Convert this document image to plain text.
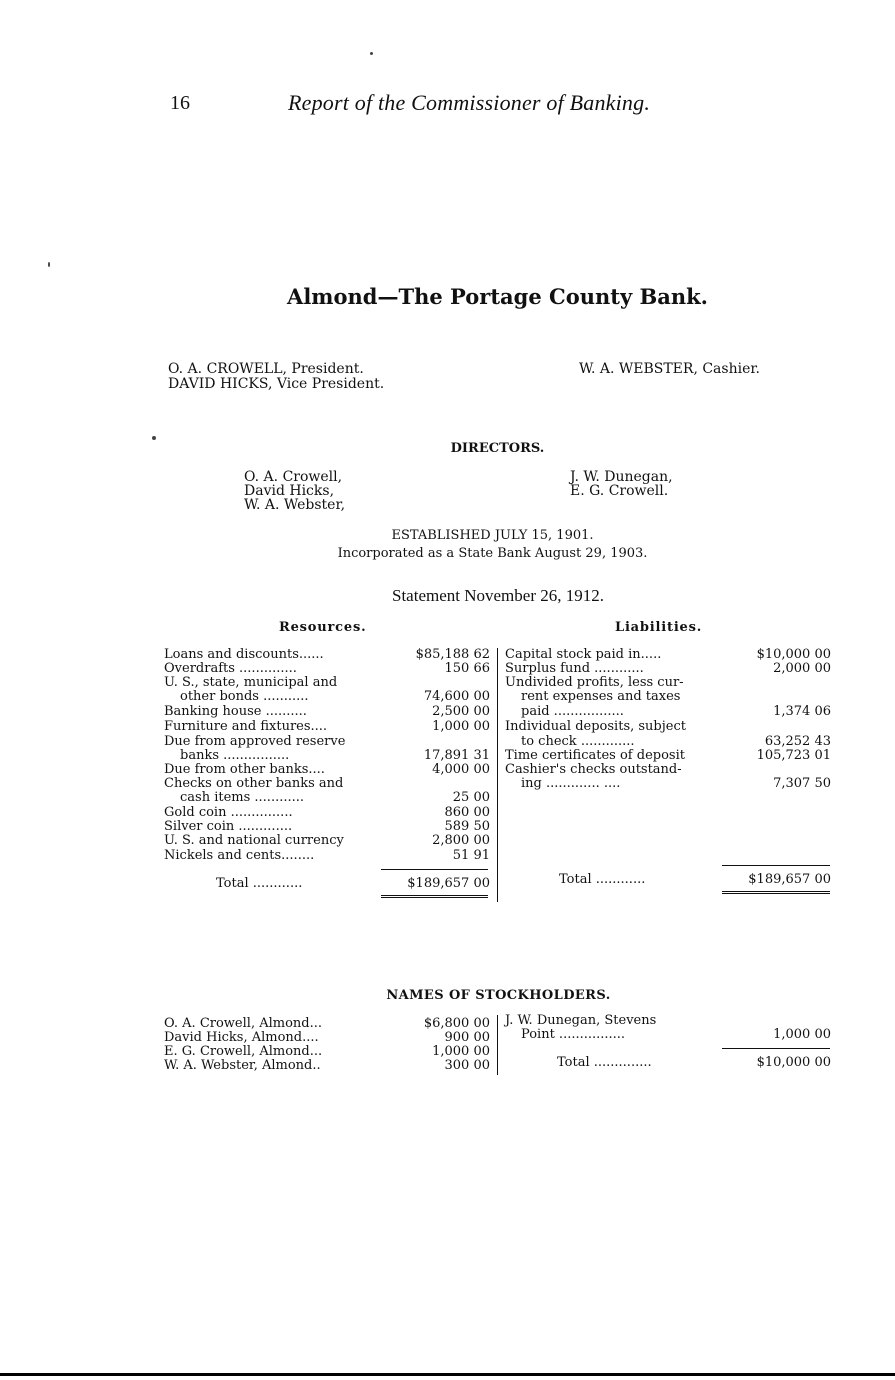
16	Report of the Commissioner of Banking.
Almond—The Portage County Bank.
O. A. CROWELL, President.
DAVID HICKS, Vice President.
W. A. WEBSTER, Cashier.
DIRECTORS.
O. A. Crowell,
David Hicks,
W. A. Webster,
J. W. Dunegan,
E. G. Crowell.
ESTABLISHED JULY 15, 1901.
Incorporated as a State Bank August 29, 1903.
Statement November 26, 1912.
Resources.	Liabilities.
Loans and discounts......	$85,188 62
Overdrafts ..............	150 66
U. S., state, municipal and
other bonds ...........	74,600 00
Banking house ..........	2,500 00
Furniture and fixtures....	1,000 00
Due from approved reserve
banks ................	17,891 31
Due from other banks....	4,000 00
Checks on other banks and
cash items ............	25 00
Gold coin ...............	860 00
Silver coin .............	589 50
U. S. and national currency	2,800 00
Nickels and cents........	51 91
Total ............	$189,657 00
Capital stock paid in.....	$10,000 00
Surplus fund ............	2,000 00
Undivided profits, less cur-
rent expenses and taxes
paid .................	1,374 06
Individual deposits, subject
to check .............	63,252 43
Time certificates of deposit	105,723 01
Cashier's checks outstand-
ing ............. ....	7,307 50
Total ............	$189,657 00
NAMES OF STOCKHOLDERS.
O. A. Crowell, Almond...	$6,800 00
David Hicks, Almond....	900 00
E. G. Crowell, Almond...	1,000 00
W. A. Webster, Almond..	300 00
J. W. Dunegan, Stevens
Point ................	1,000 00
Total ..............	$10,000 00
